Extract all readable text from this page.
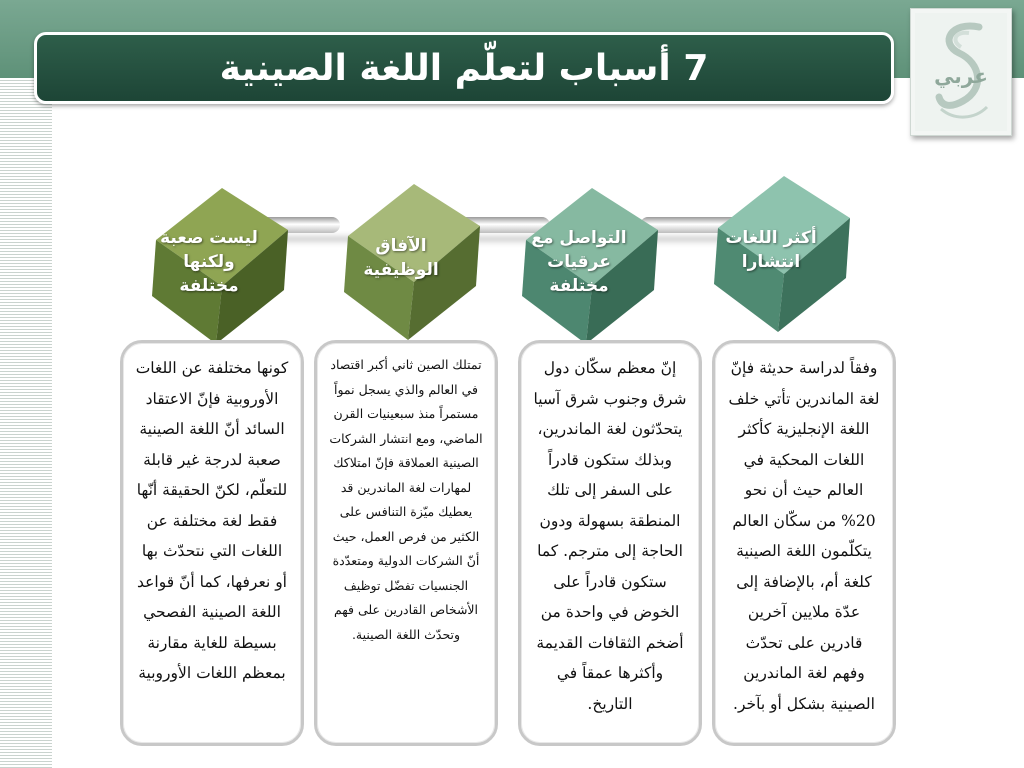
7 أسباب لتعلّم اللغة الصينية	عربي
أكثر اللغات انتشارا
التواصل مع عرقيات مختلفة
الآفاق الوظيفية
ليست صعبة ولكنها مختلفة
وفقاً لدراسة حديثة فإنّ لغة الماندرين تأتي خلف اللغة الإنجليزية كأكثر اللغات المحكية في العالم حيث أن نحو 20% من سكّان العالم يتكلّمون اللغة الصينية كلغة أم، بالإضافة إلى عدّة ملايين آخرين قادرين على تحدّث وفهم لغة الماندرين الصينية بشكل أو بآخر.
إنّ معظم سكّان دول شرق وجنوب شرق آسيا يتحدّثون لغة الماندرين، وبذلك ستكون قادراً على السفر إلى تلك المنطقة بسهولة ودون الحاجة إلى مترجم. كما ستكون قادراً على الخوض في واحدة من أضخم الثقافات القديمة وأكثرها عمقاً في التاريخ.
تمتلك الصين ثاني أكبر اقتصاد في العالم والذي يسجل نمواً مستمراً منذ سبعينيات القرن الماضي، ومع انتشار الشركات الصينية العملاقة فإنّ امتلاكك لمهارات لغة الماندرين قد يعطيك ميّزة التنافس على الكثير من فرص العمل، حيث أنّ الشركات الدولية ومتعدّدة الجنسيات تفضّل توظيف الأشخاص القادرين على فهم وتحدّث اللغة الصينية.
كونها مختلفة عن اللغات الأوروبية فإنّ الاعتقاد السائد أنّ اللغة الصينية صعبة لدرجة غير قابلة للتعلّم، لكنّ الحقيقة أنّها فقط لغة مختلفة عن اللغات التي نتحدّث بها أو نعرفها، كما أنّ قواعد اللغة الصينية الفصحي بسيطة للغاية مقارنة بمعظم اللغات الأوروبية
